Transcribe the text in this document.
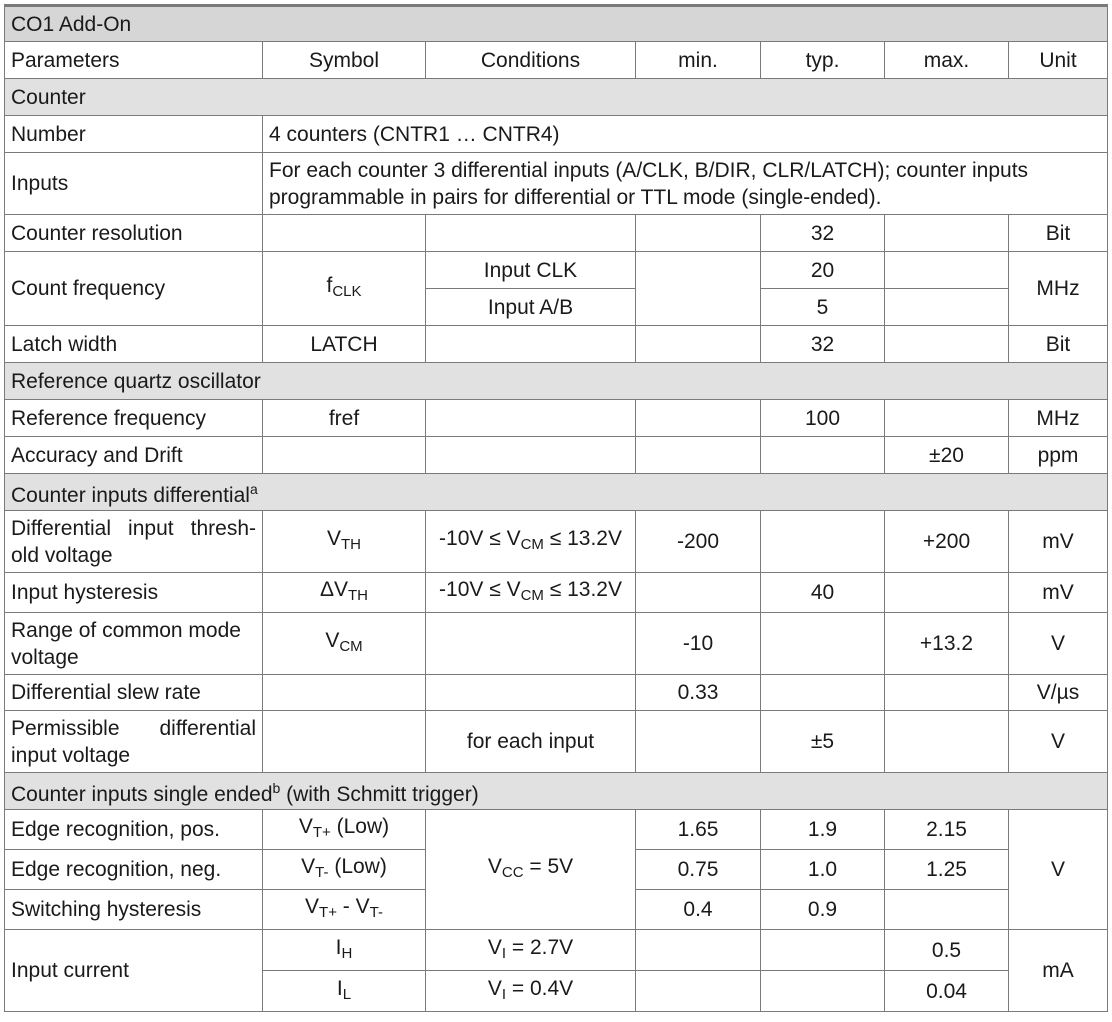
CO1 Add-On						
Parameters	Symbol	Conditions	min.	typ.	max.	Unit
Counter						
Number	4 counters (CNTR1 … CNTR4)					
Inputs	For each counter 3 differential inputs (A/CLK, B/DIR, CLR/LATCH); counter inputs programmable in pairs for differential or TTL mode (single-ended).					
Counter resolution				32		Bit
Count frequency	$f_{CLK}$	Input CLK		20		MHz
		Input A/B		5		
Latch width	LATCH			32		Bit
Reference quartz oscillator						
Reference frequency	fref			100		MHz
Accuracy and Drift					±20	ppm
Counter inputs differential$^a$
Differential input thresh-old voltage	$V_{TH}$	$-10V \le V_{CM} \le 13.2V$	-200		+200	mV
Input hysteresis	$\Delta V_{TH}$	$-10V \le V_{CM} \le 13.2V$		40		mV
Range of common mode voltage	$V_{CM}$		-10		+13.2	V
Differential slew rate			0.33			V/µs
Permissible differential input voltage		for each input		±5		V
Counter inputs single ended$^b$ (with Schmitt trigger)						
Edge recognition, pos.	$V_{T+}$ (Low)	$V_{CC} = 5V$	1.65	1.9	2.15	V
Edge recognition, neg.	$V_{T-}$ (Low)		0.75	1.0	1.25	
Switching hysteresis	$V_{T+} - V_{T-}$		0.4	0.9		
Input current	$I_H$	$V_I = 2.7V$			0.5	mA
	$I_L$	$V_I = 0.4V$			0.04	
